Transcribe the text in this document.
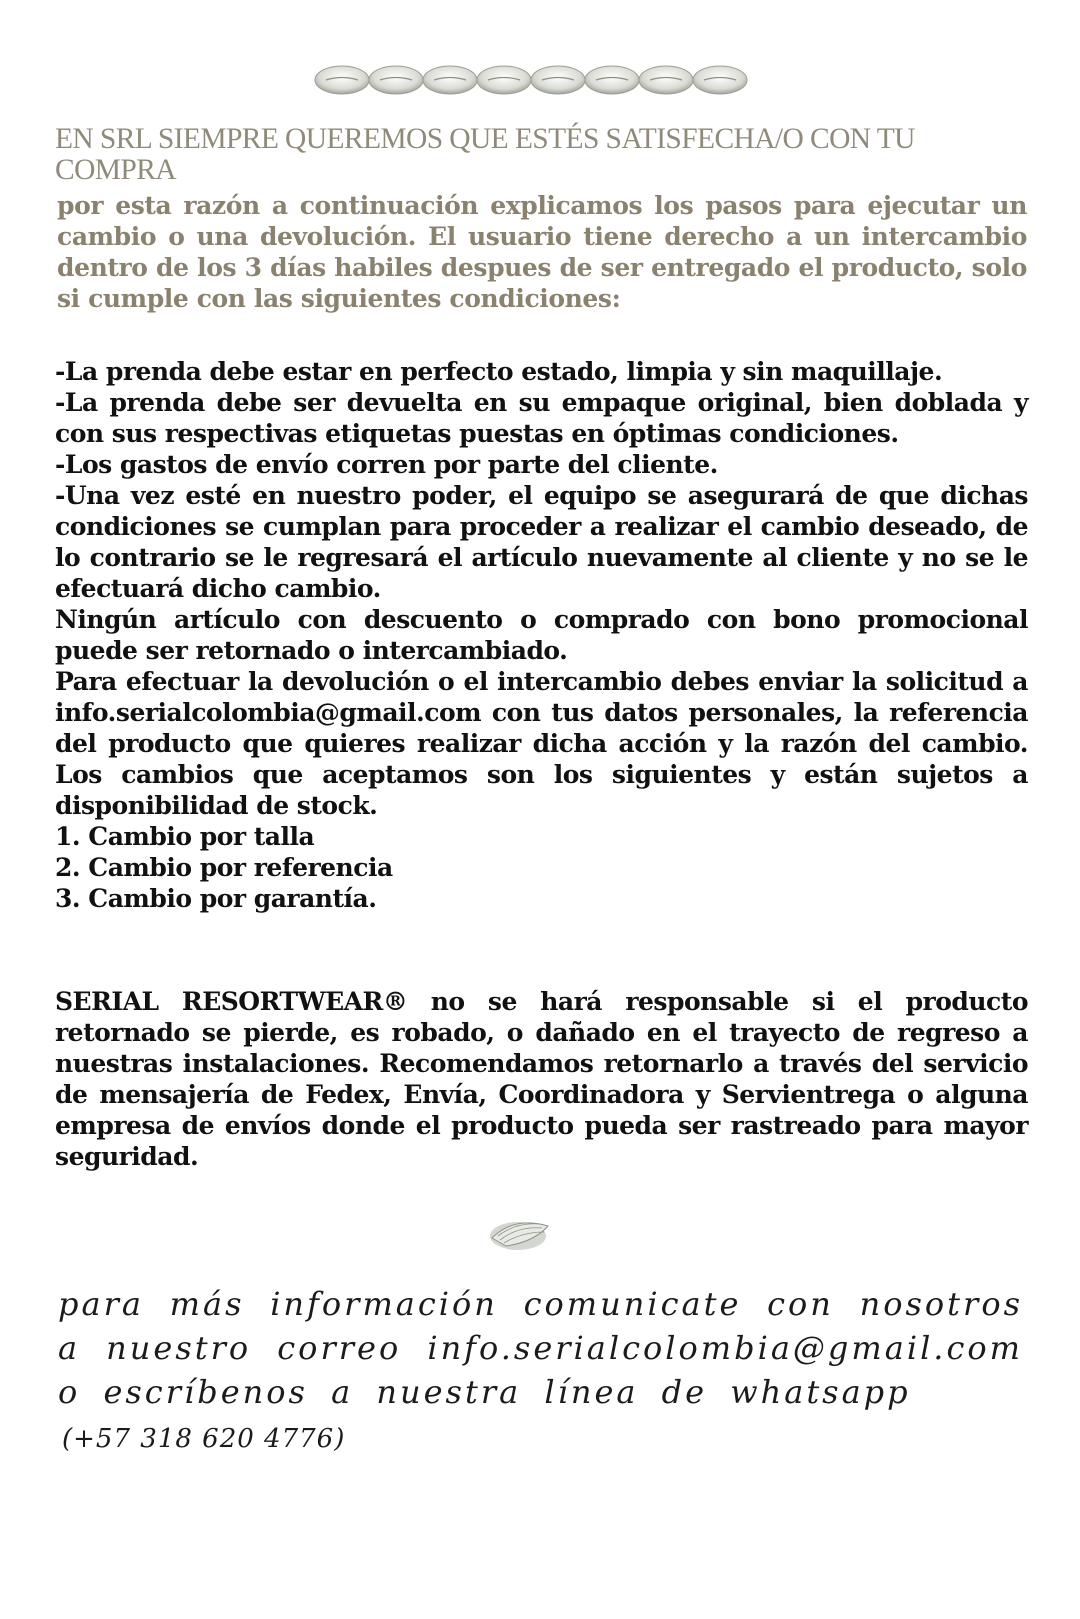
EN SRL SIEMPRE QUEREMOS QUE ESTÉS SATISFECHA/O CON TU COMPRA
por esta razón a continuación explicamos los pasos para ejecutar un cambio o una devolución. El usuario tiene derecho a un intercambio dentro de los 3 días habiles despues de ser entregado el producto, solo si cumple con las siguientes condiciones:

-La prenda debe estar en perfecto estado, limpia y sin maquillaje.

-La prenda debe ser devuelta en su empaque original, bien doblada y con sus respectivas etiquetas puestas en óptimas condiciones.

-Los gastos de envío corren por parte del cliente.

-Una vez esté en nuestro poder, el equipo se asegurará de que dichas condiciones se cumplan para proceder a realizar el cambio deseado, de lo contrario se le regresará el artículo nuevamente al cliente y no se le efectuará dicho cambio.

Ningún artículo con descuento o comprado con bono promocional puede ser retornado o intercambiado.

Para efectuar la devolución o el intercambio debes enviar la solicitud a info.serialcolombia@gmail.com con tus datos personales, la referencia del producto que quieres realizar dicha acción y la razón del cambio. Los cambios que aceptamos son los siguientes y están sujetos a disponibilidad de stock.

1. Cambio por talla

2. Cambio por referencia

3. Cambio por garantía.

SERIAL RESORTWEAR® no se hará responsable si el producto retornado se pierde, es robado, o dañado en el trayecto de regreso a nuestras instalaciones. Recomendamos retornarlo a través del servicio de mensajería de Fedex, Envía, Coordinadora y Servientrega o alguna empresa de envíos donde el producto pueda ser rastreado para mayor seguridad.
para más información comunicate con nosotros a nuestro correo info.serialcolombia@gmail.com o escríbenos a nuestra línea de whatsapp
(+57 318 620 4776)
